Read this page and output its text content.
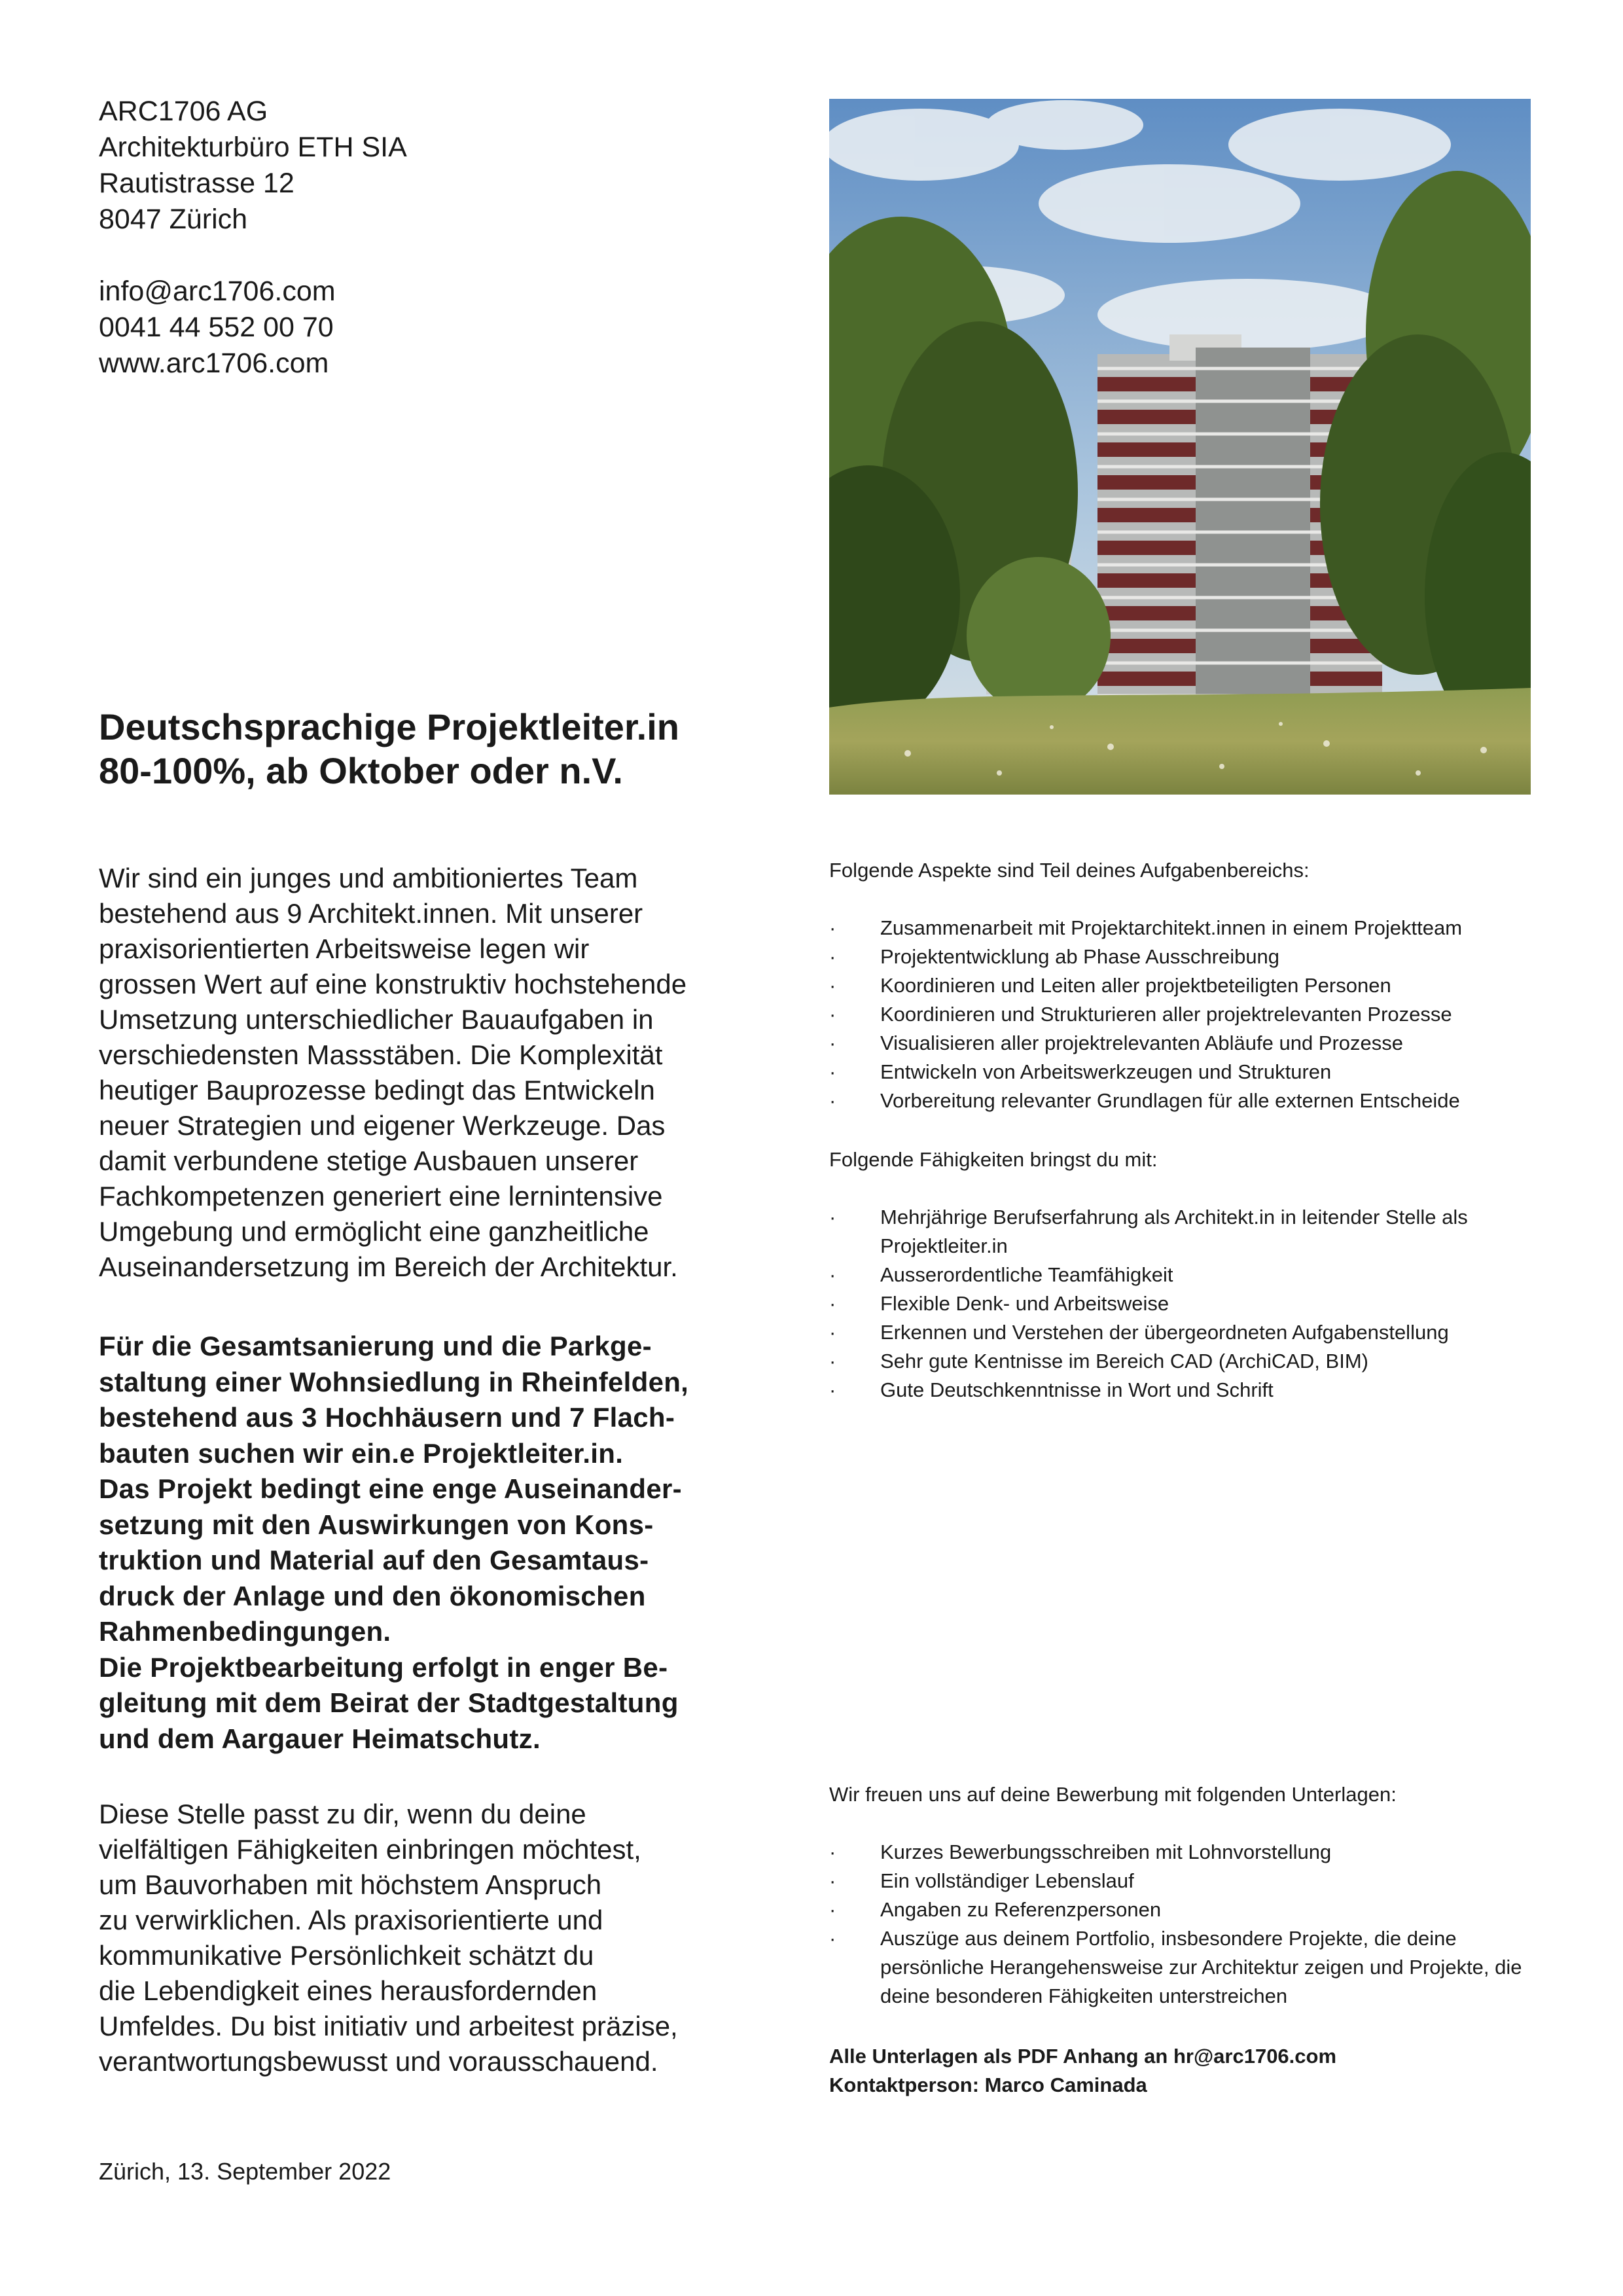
ARC1706 AG
Architekturbüro ETH SIA
Rautistrasse 12
8047 Zürich
info@arc1706.com
0041 44 552 00 70
www.arc1706.com
Deutschsprachige Projektleiter.in
80-100%, ab Oktober oder n.V.
Wir sind ein junges und ambitioniertes Team
bestehend aus 9 Architekt.innen. Mit unserer
praxisorientierten Arbeitsweise legen wir
grossen Wert auf eine konstruktiv hochstehende
Umsetzung unterschiedlicher Bauaufgaben in
verschiedensten Massstäben. Die Komplexität
heutiger Bauprozesse bedingt das Entwickeln
neuer Strategien und eigener Werkzeuge. Das
damit verbundene stetige Ausbauen unserer
Fachkompetenzen generiert eine lernintensive
Umgebung und ermöglicht eine ganzheitliche
Auseinandersetzung im Bereich der Architektur.
Für die Gesamtsanierung und die Parkge-
staltung einer Wohnsiedlung in Rheinfelden,
bestehend aus 3 Hochhäusern und 7 Flach-
bauten suchen wir ein.e Projektleiter.in.
Das Projekt bedingt eine enge Auseinander-
setzung mit den Auswirkungen von Kons-
truktion und Material auf den Gesamtaus-
druck der Anlage und den ökonomischen
Rahmenbedingungen.
Die Projektbearbeitung erfolgt in enger Be-
gleitung mit dem Beirat der Stadtgestaltung
und dem Aargauer Heimatschutz.
Diese Stelle passt zu dir, wenn du deine
vielfältigen Fähigkeiten einbringen möchtest,
um Bauvorhaben mit höchstem Anspruch
zu verwirklichen. Als praxisorientierte und
kommunikative Persönlichkeit schätzt du
die Lebendigkeit eines herausfordernden
Umfeldes. Du bist initiativ und arbeitest präzise,
verantwortungsbewusst und vorausschauend.
Zürich, 13. September 2022
Folgende Aspekte sind Teil deines Aufgabenbereichs:
· Zusammenarbeit mit Projektarchitekt.innen in einem Projektteam
· Projektentwicklung ab Phase Ausschreibung
· Koordinieren und Leiten aller projektbeteiligten Personen
· Koordinieren und Strukturieren aller projektrelevanten Prozesse
· Visualisieren aller projektrelevanten Abläufe und Prozesse
· Entwickeln von Arbeitswerkzeugen und Strukturen
· Vorbereitung relevanter Grundlagen für alle externen Entscheide
Folgende Fähigkeiten bringst du mit:
· Mehrjährige Berufserfahrung als Architekt.in in leitender Stelle als Projektleiter.in
· Ausserordentliche Teamfähigkeit
· Flexible Denk- und Arbeitsweise
· Erkennen und Verstehen der übergeordneten Aufgabenstellung
· Sehr gute Kentnisse im Bereich CAD (ArchiCAD, BIM)
· Gute Deutschkenntnisse in Wort und Schrift
Wir freuen uns auf deine Bewerbung mit folgenden Unterlagen:
· Kurzes Bewerbungsschreiben mit Lohnvorstellung
· Ein vollständiger Lebenslauf
· Angaben zu Referenzpersonen
· Auszüge aus deinem Portfolio, insbesondere Projekte, die deine persönliche Herangehensweise zur Architektur zeigen und Projekte, die deine besonderen Fähigkeiten unterstreichen
Alle Unterlagen als PDF Anhang an hr@arc1706.com
Kontaktperson: Marco Caminada
